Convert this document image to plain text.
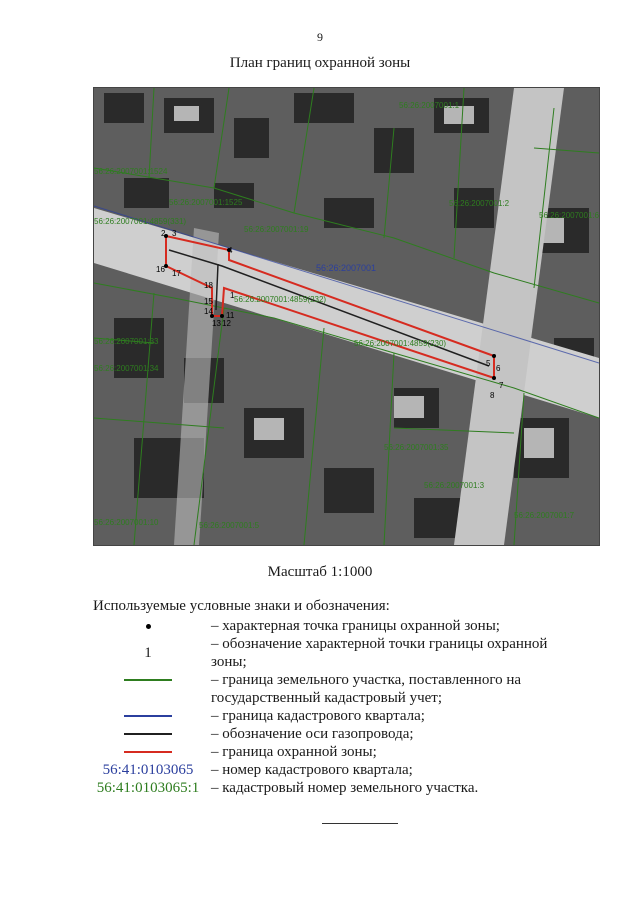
9
План границ охранной зоны
2 3
4
18
17
16
15
14
13 12
11
1
5
6
7
8
56:26:2007001
56:26:2007001:1
56:26:2007001:1524
56:26:2007001:1525
56:26:2007001:4859(331)
56:26:2007001:19
56:26:2007001:4859(232)
56:26:2007001:4859(230)
56:26:2007001:2
56:26:2007001:33
56:26:2007001:34
56:26:2007001:35
56:26:2007001:10	56:26:2007001:5
56:26:2007001:6
56:26:2007001:7
56:26:2007001:3
Масштаб 1:1000
Используемые условные знаки и обозначения:
– характерная точка границы охранной зоны;
1
– обозначение характерной точки границы охранной зоны;
– граница земельного участка, поставленного на государственный кадастровый учет;
– граница кадастрового квартала;
– обозначение оси газопровода;
– граница охранной зоны;
56:41:0103065	– номер кадастрового квартала;
56:41:0103065:1 – кадастровый номер земельного участка.
